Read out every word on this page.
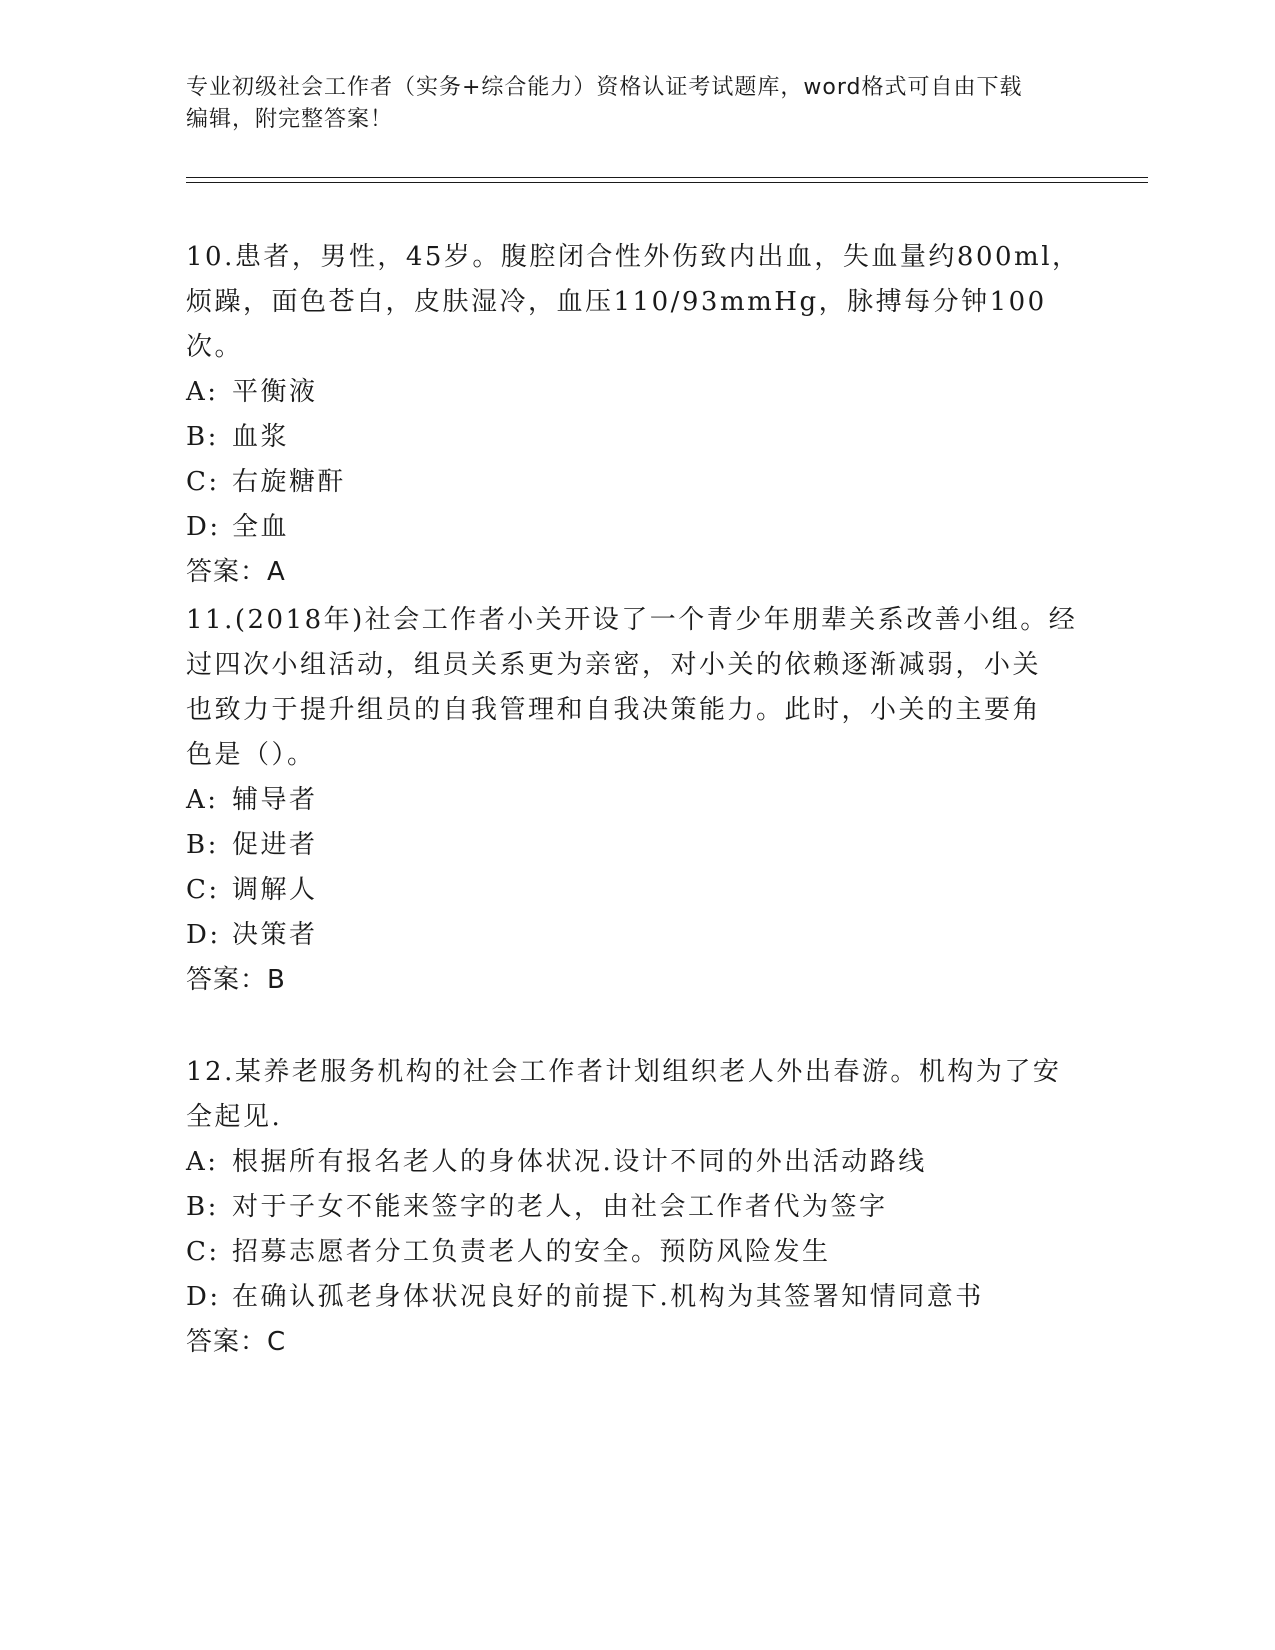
专业初级社会工作者（实务+综合能力）资格认证考试题库，word格式可自由下载
编辑，附完整答案！

10.患者，男性，45岁。腹腔闭合性外伤致内出血，失血量约800ml，

烦躁，面色苍白，皮肤湿冷，血压110/93mmHg，脉搏每分钟100次。

A: 平衡液

B: 血浆

C: 右旋糖酐

D: 全血

答案：A

11.(2018年)社会工作者小关开设了一个青少年朋辈关系改善小组。经

过四次小组活动，组员关系更为亲密，对小关的依赖逐渐减弱，小关

也致力于提升组员的自我管理和自我决策能力。此时，小关的主要角

色是（）。

A: 辅导者

B: 促进者

C: 调解人

D: 决策者

答案：B

12.某养老服务机构的社会工作者计划组织老人外出春游。机构为了安

全起见.

A: 根据所有报名老人的身体状况.设计不同的外出活动路线

B: 对于子女不能来签字的老人，由社会工作者代为签字

C: 招募志愿者分工负责老人的安全。预防风险发生

D: 在确认孤老身体状况良好的前提下.机构为其签署知情同意书

答案：C
